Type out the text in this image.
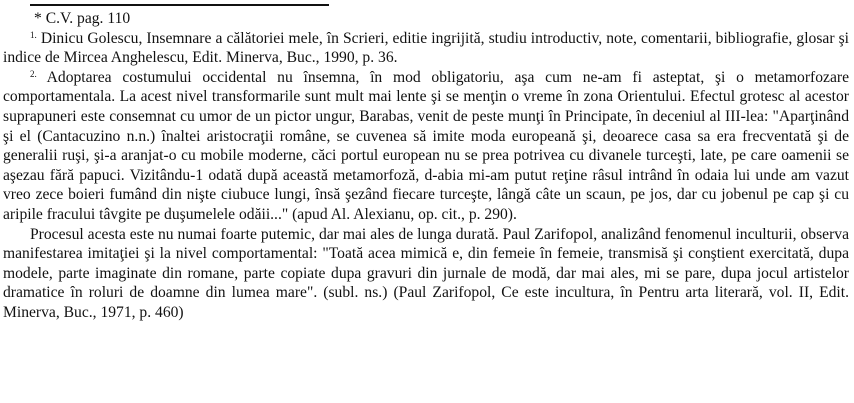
* C.V. pag. 110

$^{1.}$ Dinicu Golescu, Insemnare a călătoriei mele, în Scrieri, editie ingrijită, studiu introductiv, note, comentarii, bibliografie, glosar şi indice de Mircea Anghelescu, Edit. Minerva, Buc., 1990, p. 36.

$^{2.}$ Adoptarea costumului occidental nu însemna, în mod obligatoriu, aşa cum ne-am fi asteptat, şi o metamorfozare comportamentala. La acest nivel transformarile sunt mult mai lente şi se menţin o vreme în zona Orientului. Efectul grotesc al acestor suprapuneri este consemnat cu umor de un pictor ungur, Barabas, venit de peste munţi în Principate, în deceniul al III-lea: "Aparţinând şi el (Cantacuzino n.n.) înaltei aristocraţii române, se cuvenea să imite moda europeană şi, deoarece casa sa era frecventată şi de generalii ruşi, şi-a aranjat-o cu mobile moderne, căci portul european nu se prea potrivea cu divanele turceşti, late, pe care oamenii se aşezau fără papuci. Vizitându-1 odată după această metamorfoză, d-abia mi-am putut reţine râsul intrând în odaia lui unde am vazut vreo zece boieri fumând din nişte ciubuce lungi, însă şezând fiecare turceşte, lângă câte un scaun, pe jos, dar cu jobenul pe cap şi cu aripile fracului tâvgite pe duşumelele odăii..." (apud Al. Alexianu, op. cit., p. 290).

Procesul acesta este nu numai foarte putemic, dar mai ales de lunga durată. Paul Zarifopol, analizând fenomenul inculturii, observa manifestarea imitaţiei şi la nivel comportamental: "Toată acea mimică e, din femeie în femeie, transmisă şi conştient exercitată, dupa modele, parte imaginate din romane, parte copiate dupa gravuri din jurnale de modă, dar mai ales, mi se pare, dupa jocul artistelor dramatice în roluri de doamne din lumea mare". (subl. ns.) (Paul Zarifopol, Ce este incultura, în Pentru arta literară, vol. II, Edit. Minerva, Buc., 1971, p. 460)
